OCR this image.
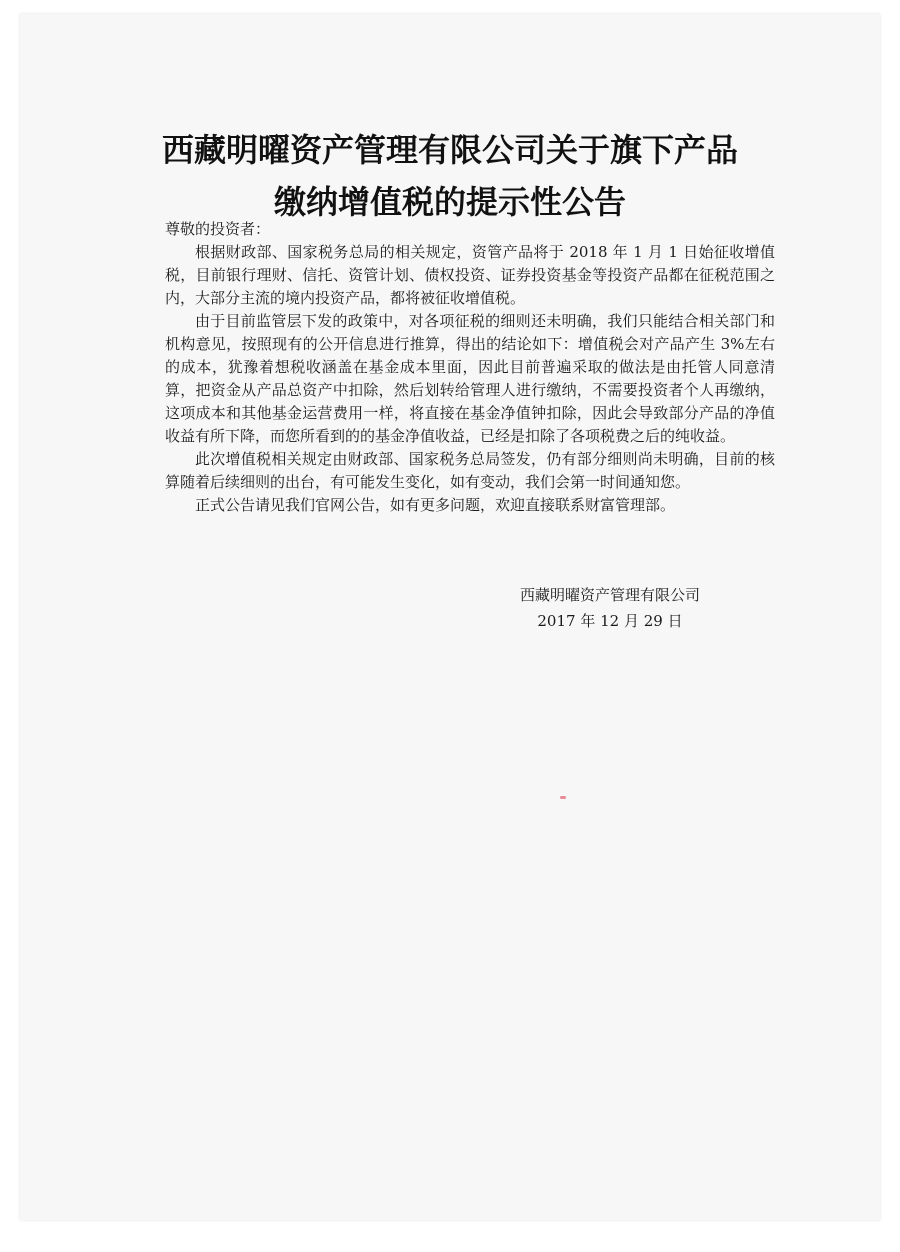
西藏明曜资产管理有限公司关于旗下产品缴纳增值税的提示性公告

尊敬的投资者：

根据财政部、国家税务总局的相关规定，资管产品将于 2018 年 1 月 1 日始征收增值税，目前银行理财、信托、资管计划、债权投资、证券投资基金等投资产品都在征税范围之内，大部分主流的境内投资产品，都将被征收增值税。

由于目前监管层下发的政策中，对各项征税的细则还未明确，我们只能结合相关部门和机构意见，按照现有的公开信息进行推算，得出的结论如下：增值税会对产品产生 3%左右的成本，犹豫着想税收涵盖在基金成本里面，因此目前普遍采取的做法是由托管人同意清算，把资金从产品总资产中扣除，然后划转给管理人进行缴纳，不需要投资者个人再缴纳，这项成本和其他基金运营费用一样，将直接在基金净值钟扣除，因此会导致部分产品的净值收益有所下降，而您所看到的的基金净值收益，已经是扣除了各项税费之后的纯收益。

此次增值税相关规定由财政部、国家税务总局签发，仍有部分细则尚未明确，目前的核算随着后续细则的出台，有可能发生变化，如有变动，我们会第一时间通知您。

正式公告请见我们官网公告，如有更多问题，欢迎直接联系财富管理部。

西藏明曜资产管理有限公司
2017 年 12 月 29 日
